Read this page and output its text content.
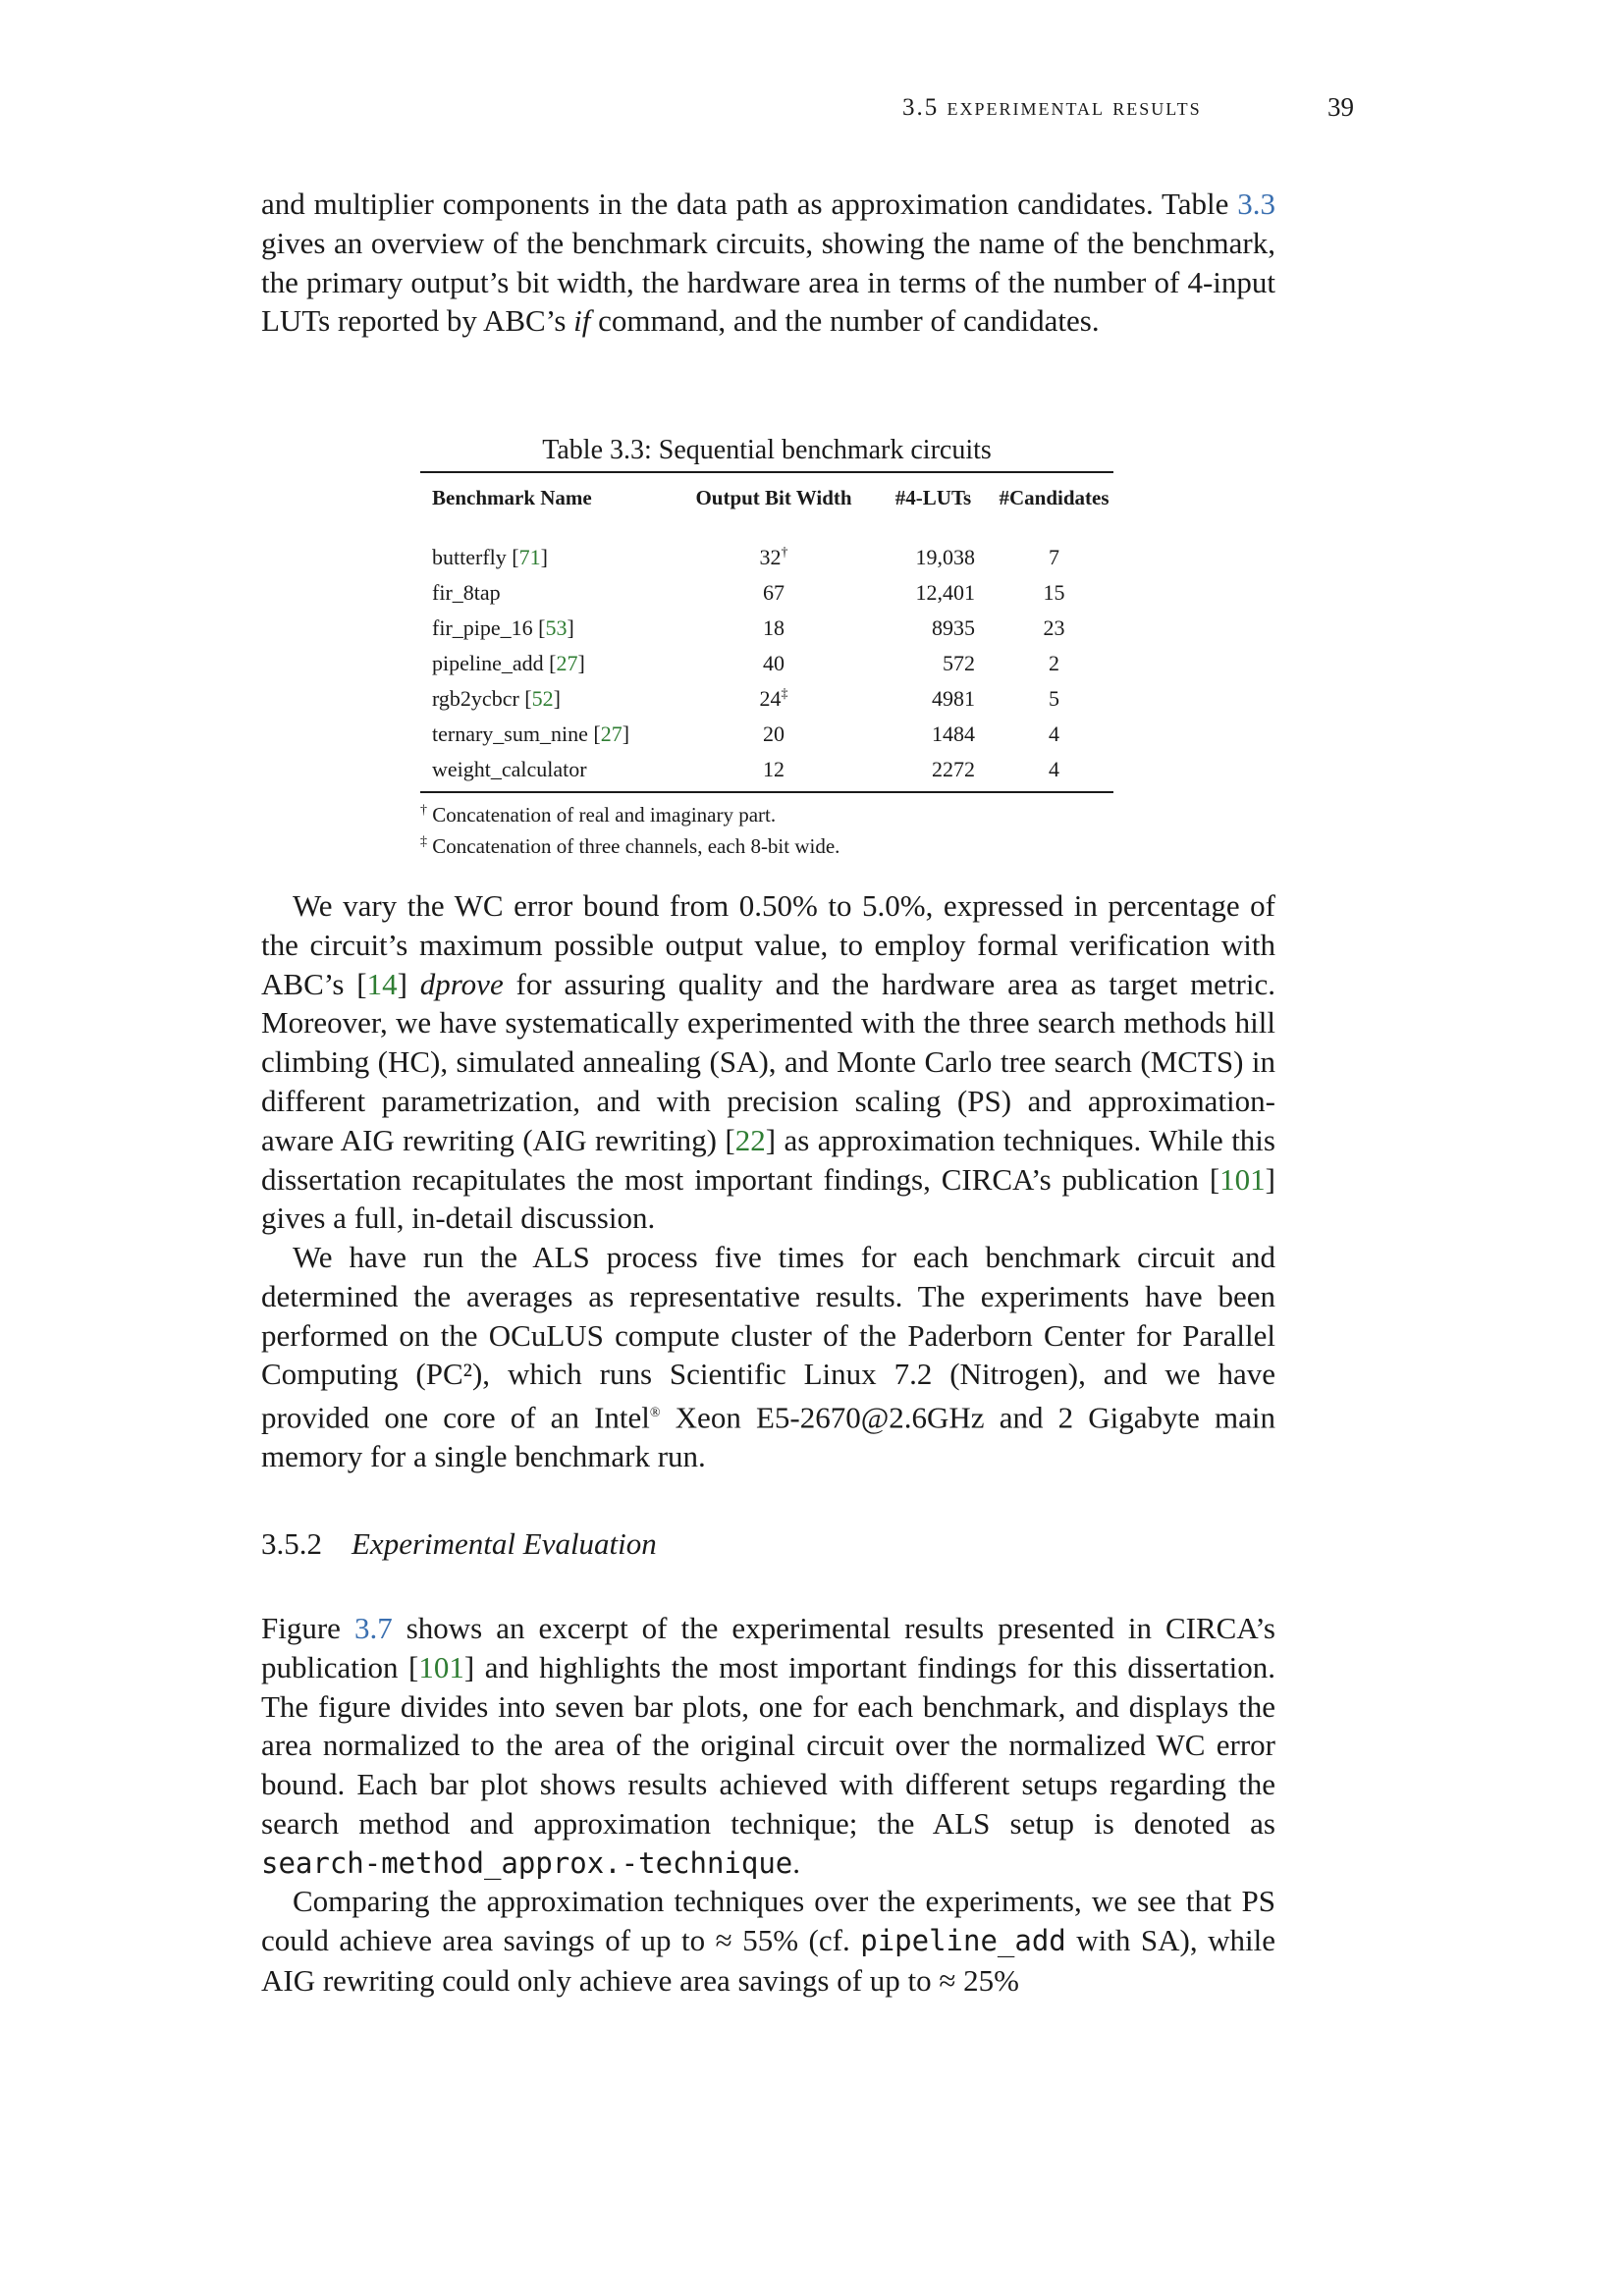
3.5 experimental results	39
and multiplier components in the data path as approximation candidates. Table 3.3 gives an overview of the benchmark circuits, showing the name of the benchmark, the primary output’s bit width, the hardware area in terms of the number of 4-input LUTs reported by ABC’s if command, and the number of candidates.
Table 3.3: Sequential benchmark circuits
Benchmark Name	Output Bit Width	#4-LUTs	#Candidates
butterfly [71]	32†	19,038	7
fir_8tap	67	12,401	15
fir_pipe_16 [53]	18	8935	23
pipeline_add [27]	40	572	2
rgb2ycbcr [52]	24‡	4981	5
ternary_sum_nine [27]	20	1484	4
weight_calculator	12	2272	4
† Concatenation of real and imaginary part.
‡ Concatenation of three channels, each 8-bit wide.
We vary the WC error bound from 0.50% to 5.0%, expressed in percentage of the circuit’s maximum possible output value, to employ formal verification with ABC’s [14] dprove for assuring quality and the hardware area as target metric. Moreover, we have systematically experimented with the three search methods hill climbing (HC), simulated annealing (SA), and Monte Carlo tree search (MCTS) in different parametrization, and with precision scaling (PS) and approximation-aware AIG rewriting (AIG rewriting) [22] as approximation techniques. While this dissertation recapitulates the most important findings, CIRCA’s publication [101] gives a full, in-detail discussion.
We have run the ALS process five times for each benchmark circuit and determined the averages as representative results. The experiments have been performed on the OCuLUS compute cluster of the Paderborn Center for Parallel Computing (PC²), which runs Scientific Linux 7.2 (Nitrogen), and we have provided one core of an Intel® Xeon E5-2670@2.6GHz and 2 Gigabyte main memory for a single benchmark run.
3.5.2 Experimental Evaluation
Figure 3.7 shows an excerpt of the experimental results presented in CIRCA’s publication [101] and highlights the most important findings for this dissertation. The figure divides into seven bar plots, one for each benchmark, and displays the area normalized to the area of the original circuit over the normalized WC error bound. Each bar plot shows results achieved with different setups regarding the search method and approximation technique; the ALS setup is denoted as search-method_approx.-technique.
Comparing the approximation techniques over the experiments, we see that PS could achieve area savings of up to ≈ 55% (cf. pipeline_add with SA), while AIG rewriting could only achieve area savings of up to ≈ 25%
